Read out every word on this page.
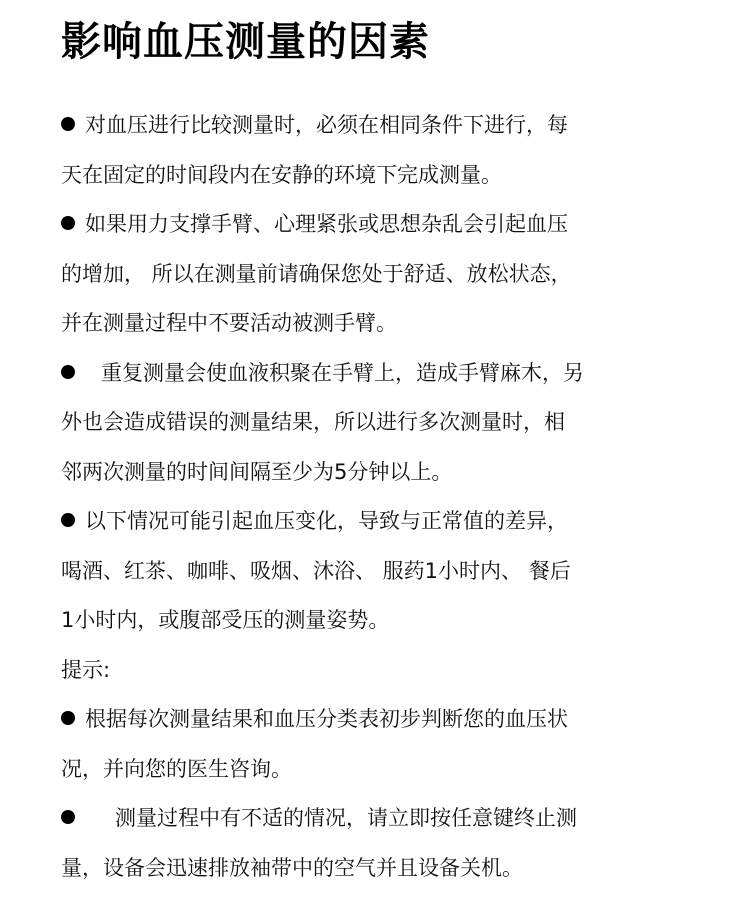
影响血压测量的因素

对血压进行比较测量时，必须在相同条件下进行，每
天在固定的时间段内在安静的环境下完成测量。

如果用力支撑手臂、心理紧张或思想杂乱会引起血压
的增加， 所以在测量前请确保您处于舒适、放松状态，
并在测量过程中不要活动被测手臂。

重复测量会使血液积聚在手臂上，造成手臂麻木，另
外也会造成错误的测量结果，所以进行多次测量时，相
邻两次测量的时间间隔至少为5分钟以上。

以下情况可能引起血压变化，导致与正常值的差异，
喝酒、红茶、咖啡、吸烟、沐浴、 服药1小时内、 餐后
1小时内，或腹部受压的测量姿势。

提示:

根据每次测量结果和血压分类表初步判断您的血压状
况，并向您的医生咨询。

测量过程中有不适的情况，请立即按任意键终止测
量，设备会迅速排放袖带中的空气并且设备关机。
